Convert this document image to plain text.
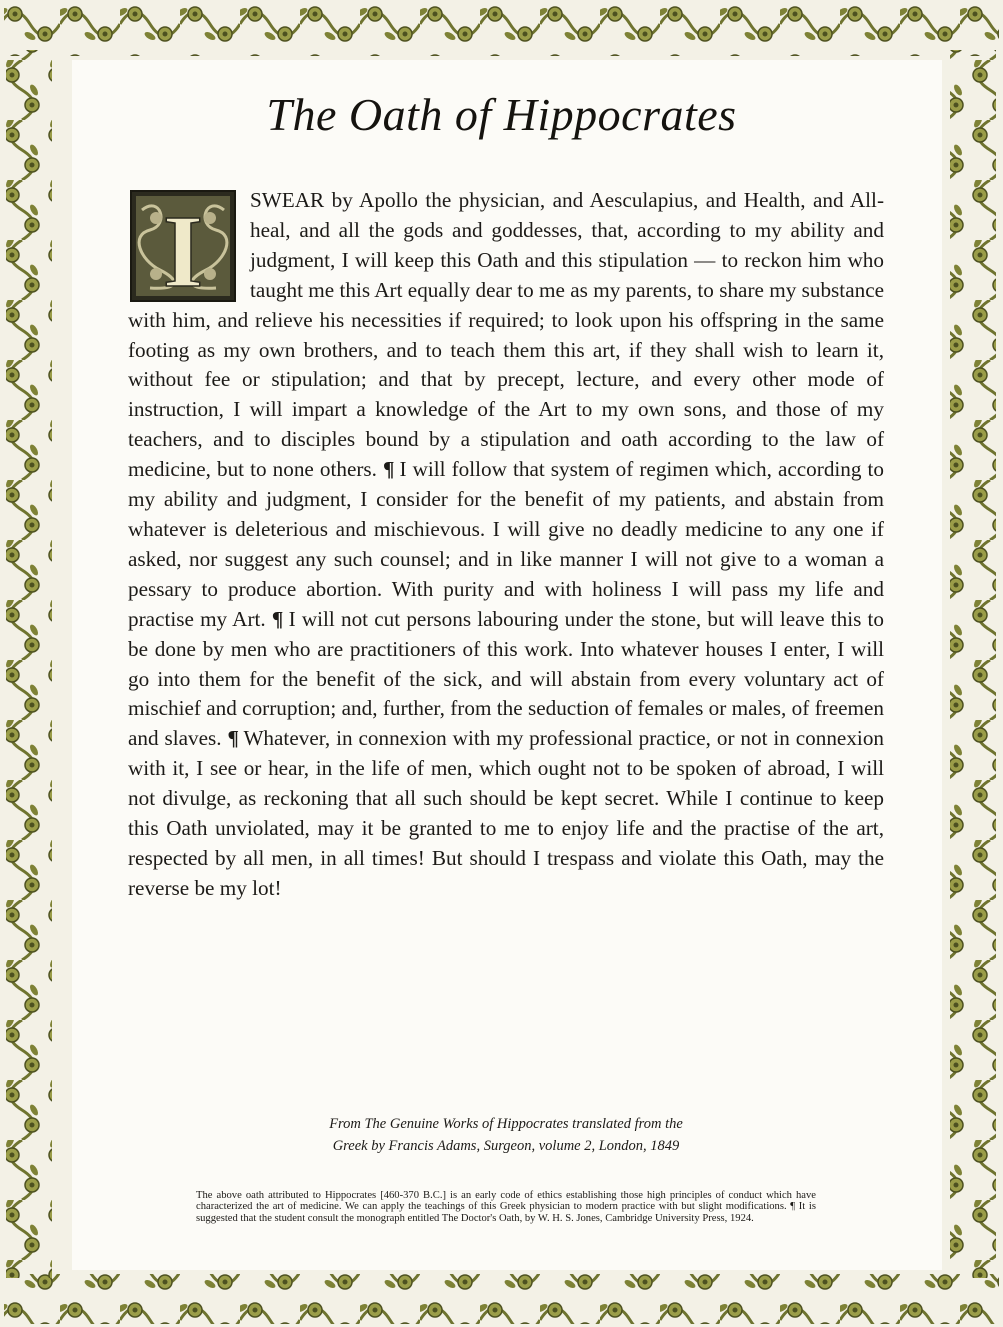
The Oath of Hippocrates
I SWEAR by Apollo the physician, and Aesculapius, and Health, and All-heal, and all the gods and goddesses, that, according to my ability and judgment, I will keep this Oath and this stipulation — to reckon him who taught me this Art equally dear to me as my parents, to share my substance with him, and relieve his necessities if required; to look upon his offspring in the same footing as my own brothers, and to teach them this art, if they shall wish to learn it, without fee or stipulation; and that by precept, lecture, and every other mode of instruction, I will impart a knowledge of the Art to my own sons, and those of my teachers, and to disciples bound by a stipulation and oath according to the law of medicine, but to none others. ¶ I will follow that system of regimen which, according to my ability and judgment, I consider for the benefit of my patients, and abstain from whatever is deleterious and mischievous. I will give no deadly medicine to any one if asked, nor suggest any such counsel; and in like manner I will not give to a woman a pessary to produce abortion. With purity and with holiness I will pass my life and practise my Art. ¶ I will not cut persons labouring under the stone, but will leave this to be done by men who are practitioners of this work. Into whatever houses I enter, I will go into them for the benefit of the sick, and will abstain from every voluntary act of mischief and corruption; and, further, from the seduction of females or males, of freemen and slaves. ¶ Whatever, in connexion with my professional practice, or not in connexion with it, I see or hear, in the life of men, which ought not to be spoken of abroad, I will not divulge, as reckoning that all such should be kept secret. While I continue to keep this Oath unviolated, may it be granted to me to enjoy life and the practise of the art, respected by all men, in all times! But should I trespass and violate this Oath, may the reverse be my lot!
From The Genuine Works of Hippocrates translated from the
Greek by Francis Adams, Surgeon, volume 2, London, 1849
The above oath attributed to Hippocrates [460-370 B.C.] is an early code of ethics establishing those high principles of conduct which have characterized the art of medicine. We can apply the teachings of this Greek physician to modern practice with but slight modifications. ¶ It is suggested that the student consult the monograph entitled The Doctor's Oath, by W. H. S. Jones, Cambridge University Press, 1924.
